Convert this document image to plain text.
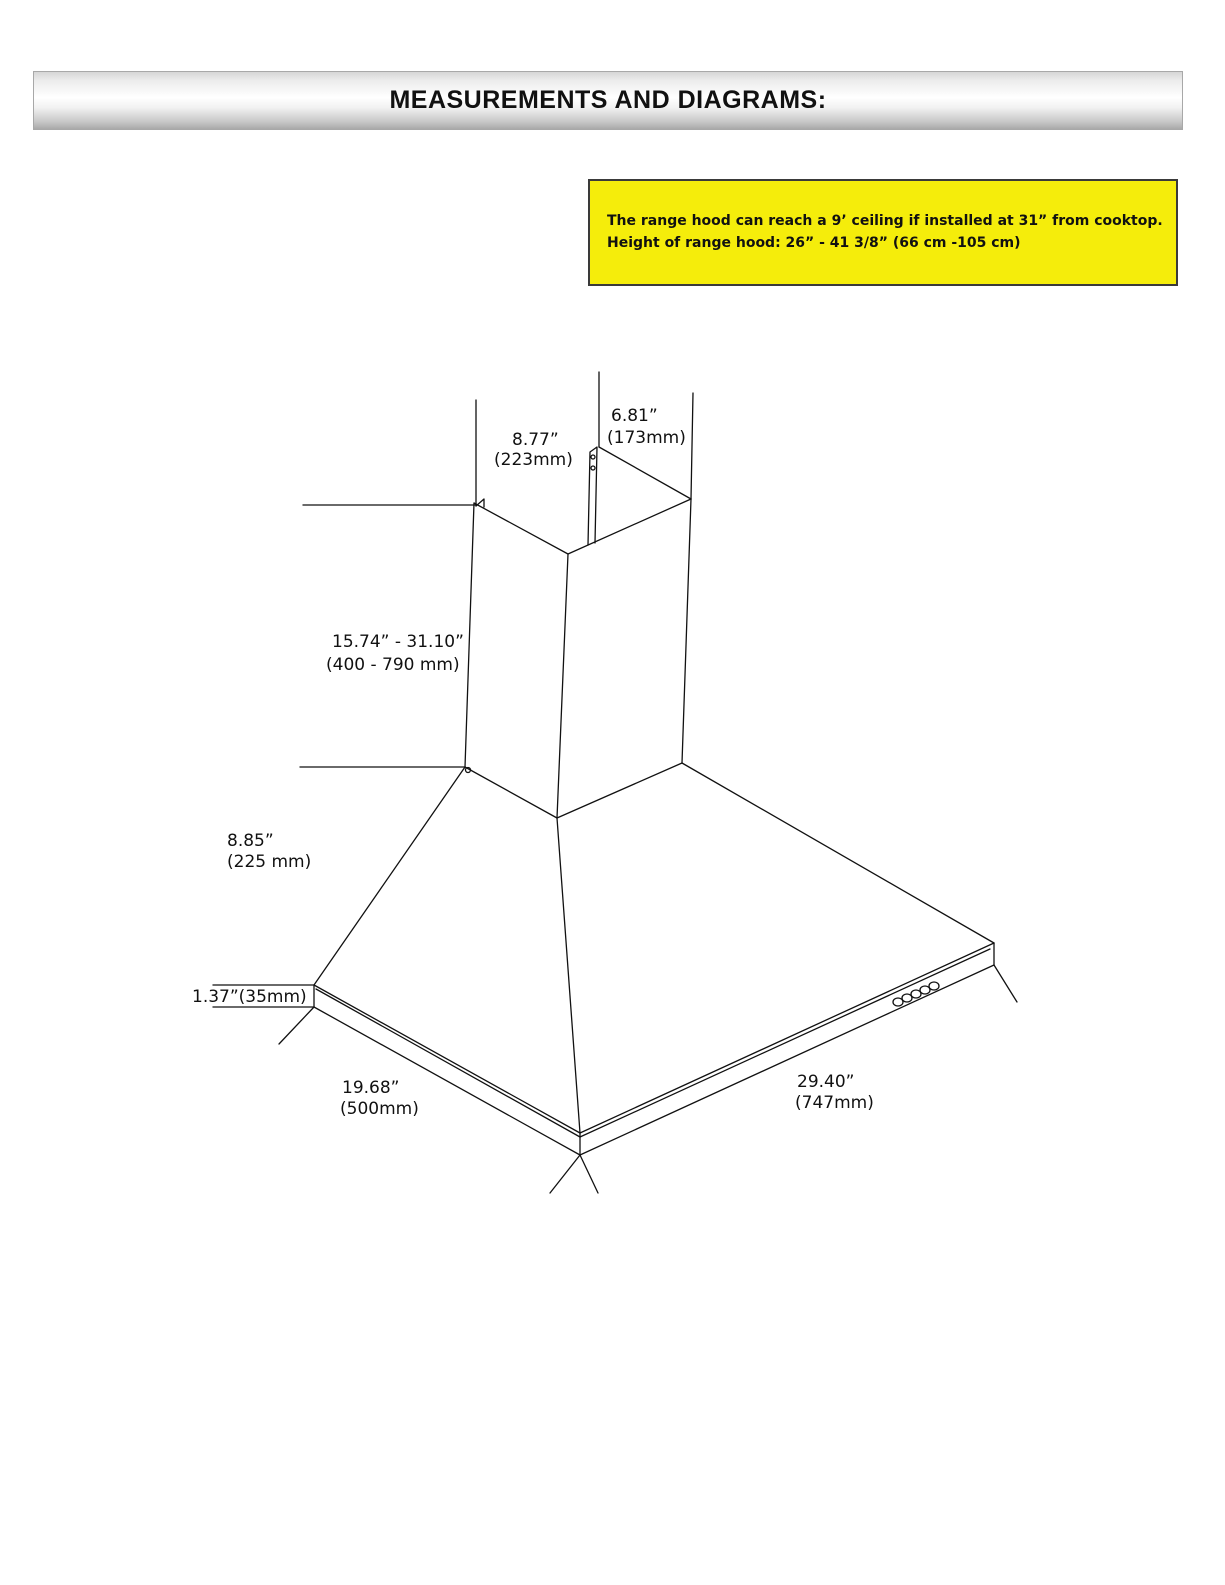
MEASUREMENTS AND DIAGRAMS:
The range hood can reach a 9’ ceiling if installed at 31” from cooktop.
Height of range hood: 26” - 41 3/8” (66 cm -105 cm)
8.77”
(223mm)
6.81”
(173mm)
15.74” - 31.10”
(400 - 790 mm)
8.85”
(225 mm)
1.37”(35mm)
19.68”
(500mm)
29.40”
(747mm)
